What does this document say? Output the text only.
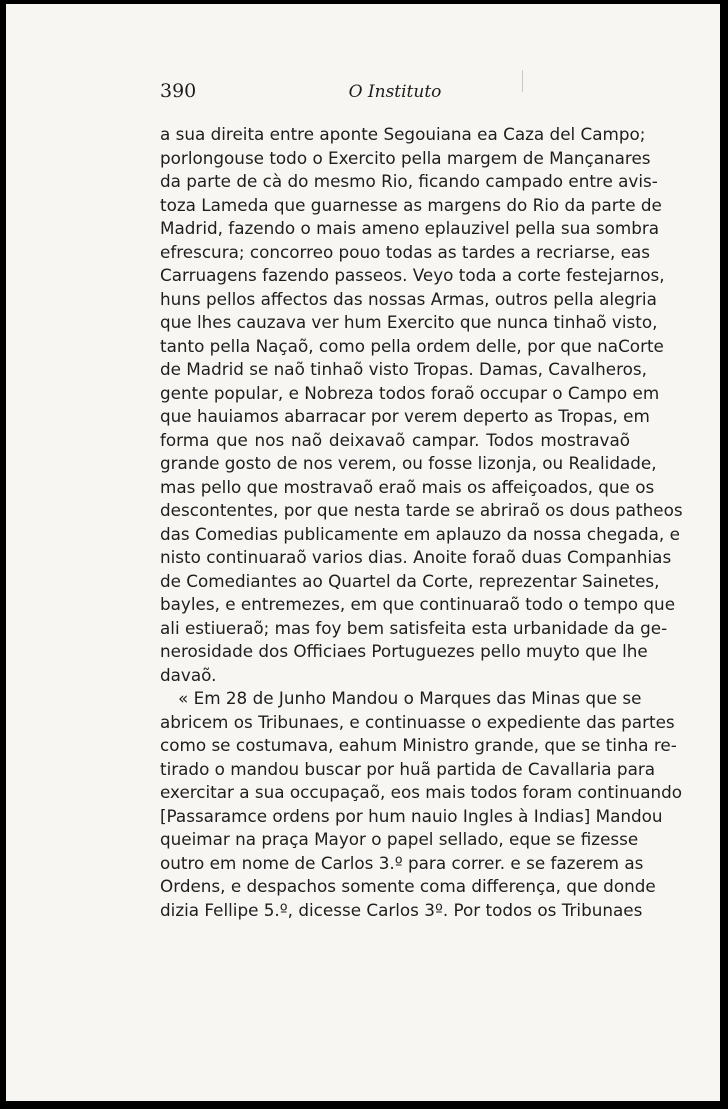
390	O Instituto
a sua direita entre aponte Segouiana ea Caza del Campo;
porlongouse todo o Exercito pella margem de Mançanares
da parte de cà do mesmo Rio, ficando campado entre avis-
toza Lameda que guarnesse as margens do Rio da parte de
Madrid, fazendo o mais ameno eplauzivel pella sua sombra
efrescura; concorreo pouo todas as tardes a recriarse, eas
Carruagens fazendo passeos. Veyo toda a corte festejarnos,
huns pellos affectos das nossas Armas, outros pella alegria
que lhes cauzava ver hum Exercito que nunca tinhaõ visto,
tanto pella Naçaõ, como pella ordem delle, por que naCorte
de Madrid se naõ tinhaõ visto Tropas. Damas, Cavalheros,
gente popular, e Nobreza todos foraõ occupar o Campo em
que hauiamos abarracar por verem deperto as Tropas, em
forma que nos naõ deixavaõ campar. Todos mostravaõ
grande gosto de nos verem, ou fosse lizonja, ou Realidade,
mas pello que mostravaõ eraõ mais os affeiçoados, que os
descontentes, por que nesta tarde se abriraõ os dous patheos
das Comedias publicamente em aplauzo da nossa chegada, e
nisto continuaraõ varios dias. Anoite foraõ duas Companhias
de Comediantes ao Quartel da Corte, reprezentar Sainetes,
bayles, e entremezes, em que continuaraõ todo o tempo que
ali estiueraõ; mas foy bem satisfeita esta urbanidade da ge-
nerosidade dos Officiaes Portuguezes pello muyto que lhe
davaõ.
« Em 28 de Junho Mandou o Marques das Minas que se
abricem os Tribunaes, e continuasse o expediente das partes
como se costumava, eahum Ministro grande, que se tinha re-
tirado o mandou buscar por huã partida de Cavallaria para
exercitar a sua occupaçaõ, eos mais todos foram continuando
[Passaramce ordens por hum nauio Ingles à Indias] Mandou
queimar na praça Mayor o papel sellado, eque se fizesse
outro em nome de Carlos 3.º para correr. e se fazerem as
Ordens, e despachos somente coma differença, que donde
dizia Fellipe 5.º, dicesse Carlos 3º. Por todos os Tribunaes
